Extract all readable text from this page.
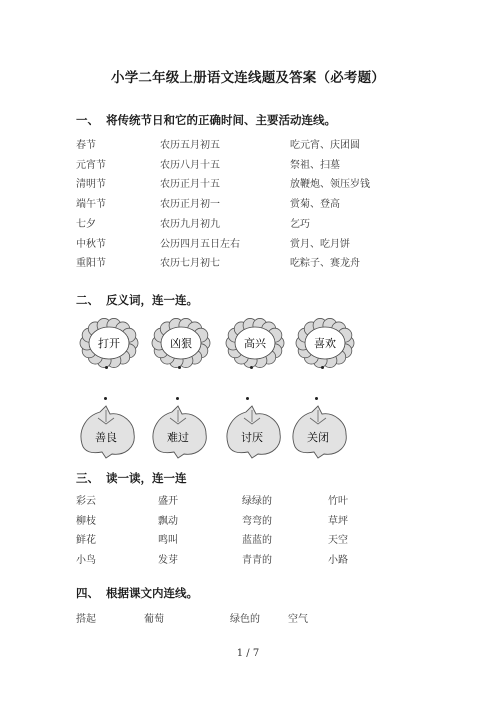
小学二年级上册语文连线题及答案（必考题）
一、 将传统节日和它的正确时间、主要活动连线。
春节	农历五月初五	吃元宵、庆团圆
元宵节	农历八月十五	祭祖、扫墓
清明节	农历正月十五	放鞭炮、领压岁钱
端午节	农历正月初一	赏菊、登高
七夕	农历九月初九	乞巧
中秋节	公历四月五日左右	赏月、吃月饼
重阳节	农历七月初七	吃粽子、赛龙舟
二、 反义词，连一连。
打开	凶狠	高兴	喜欢
善良	难过	讨厌	关闭
三、 读一读，连一连
彩云	盛开	绿绿的	竹叶
柳枝	飘动	弯弯的	草坪
鲜花	鸣叫	蓝蓝的	天空
小鸟	发芽	青青的	小路
四、 根据课文内连线。
搭起	葡萄	绿色的	空气
1 / 7
